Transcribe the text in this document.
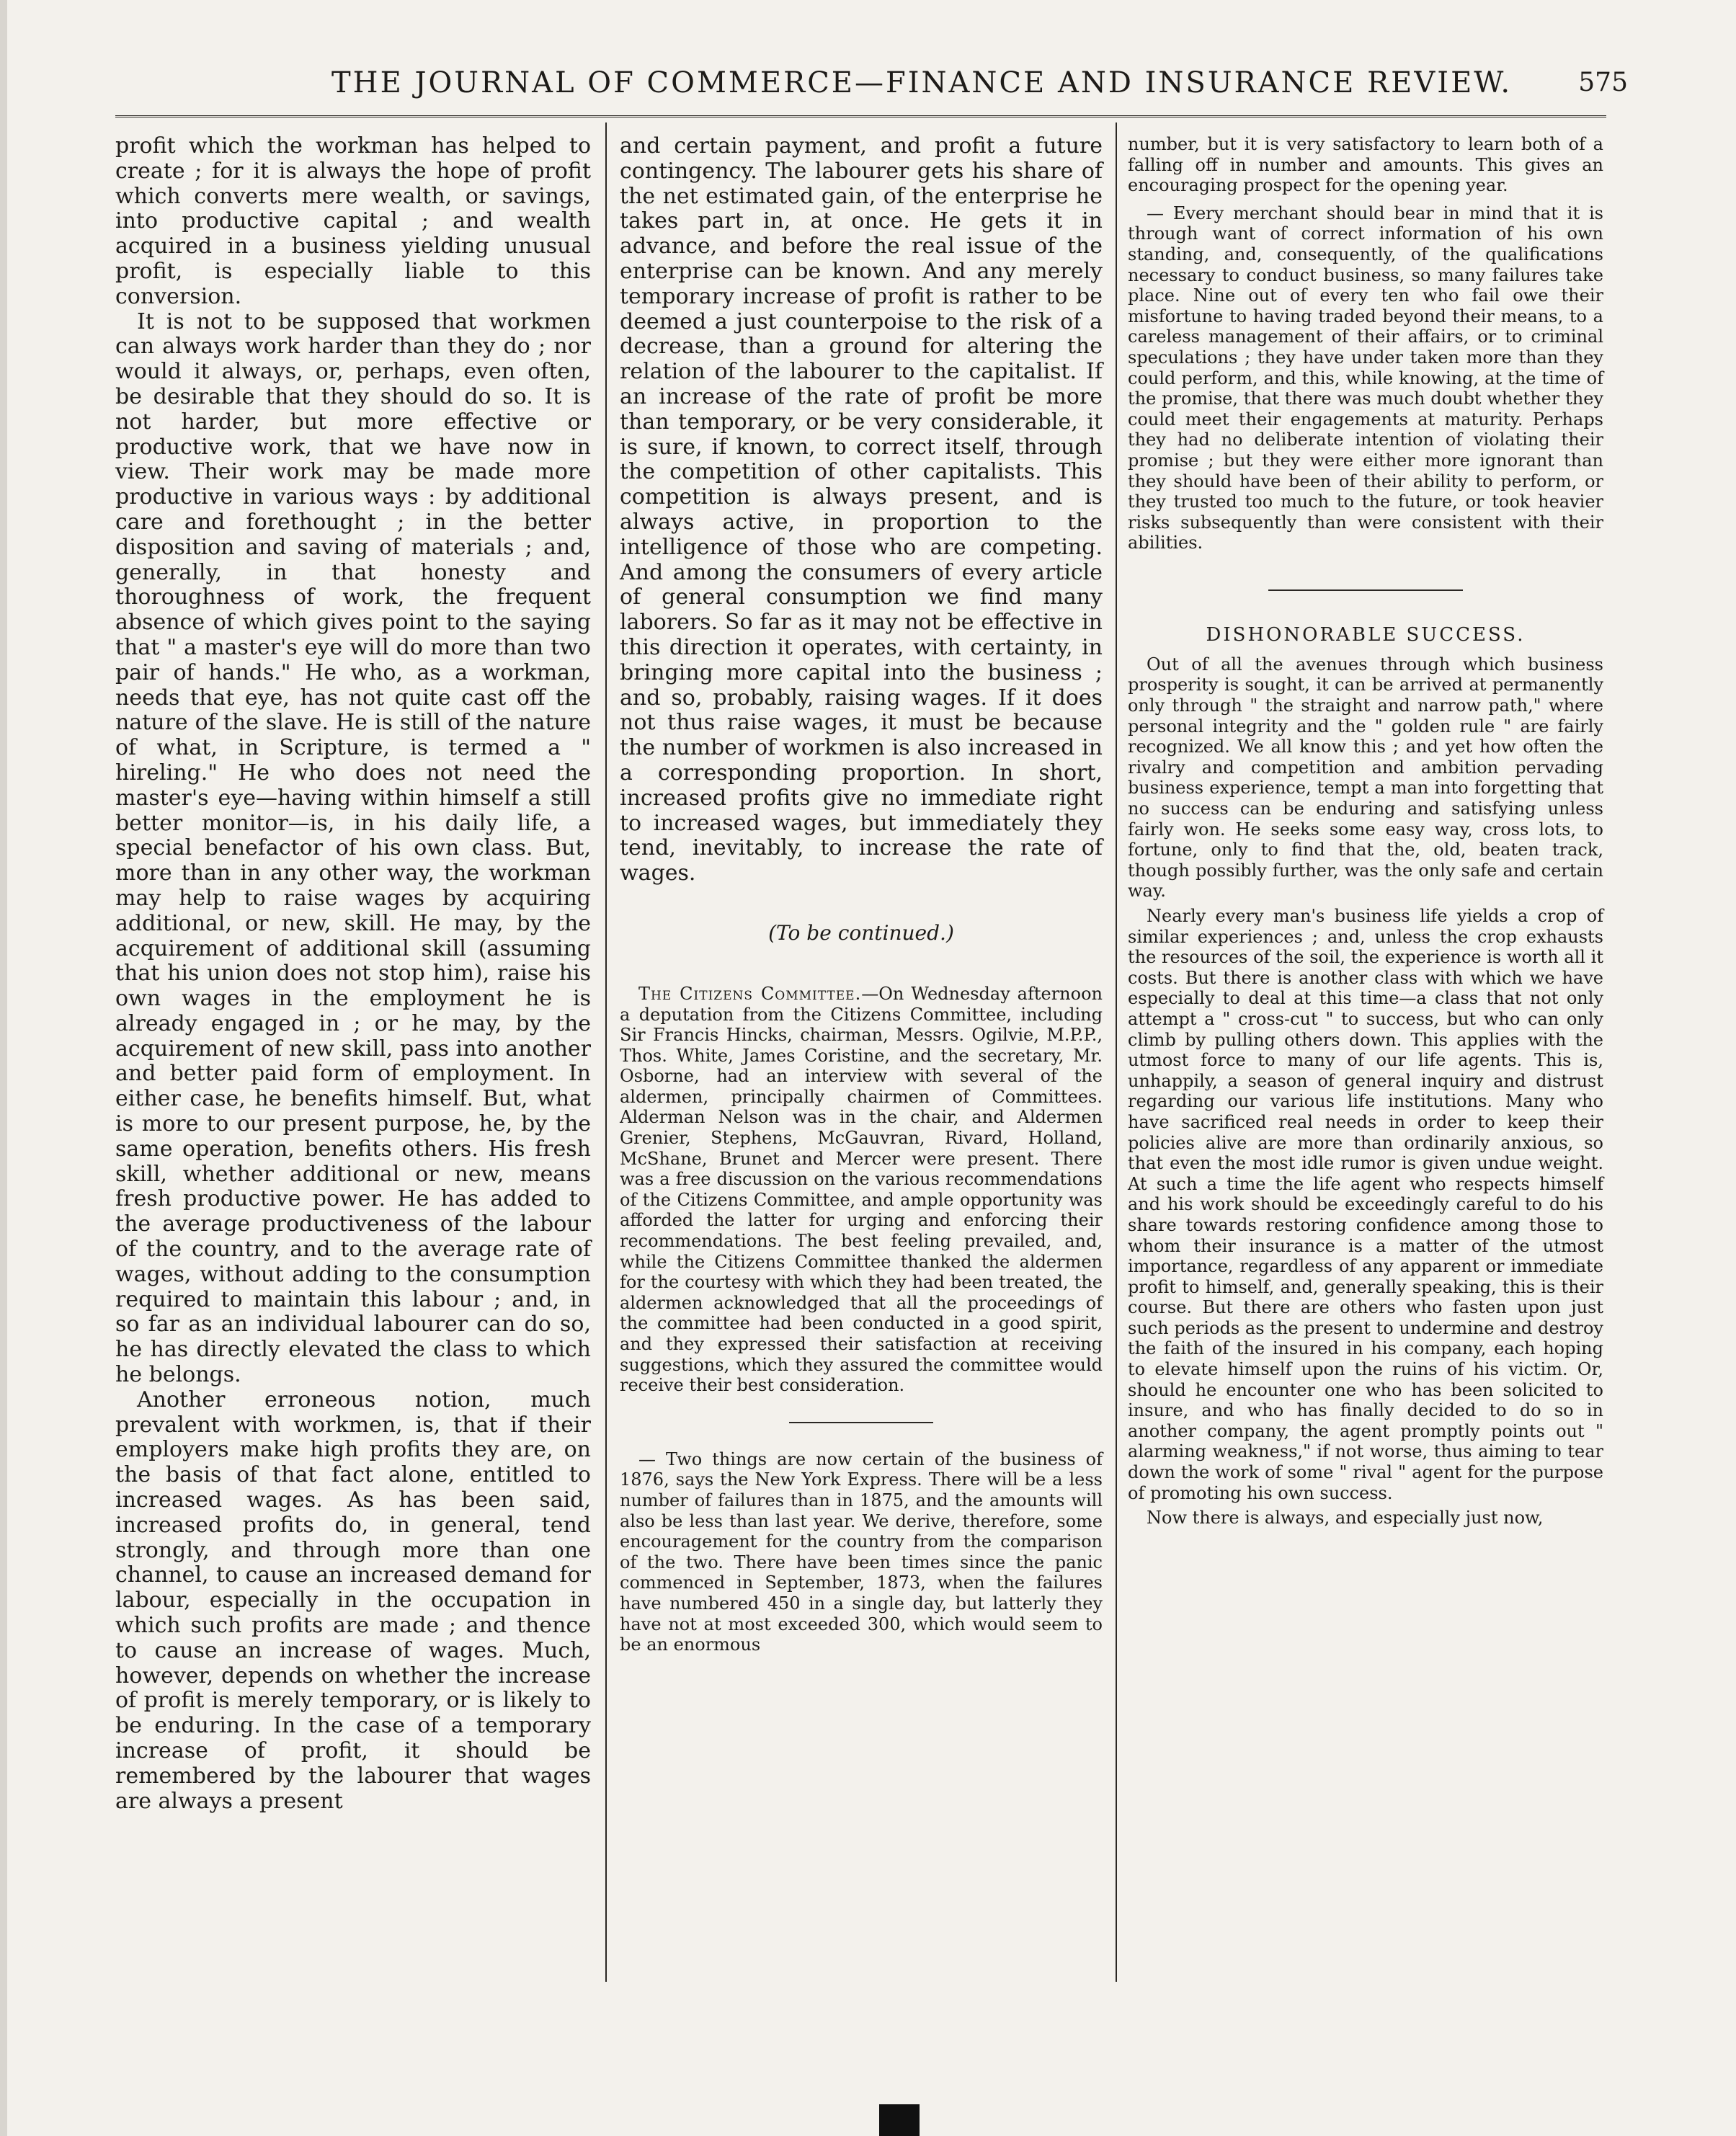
THE JOURNAL OF COMMERCE—FINANCE AND INSURANCE REVIEW.	575

profit which the workman has helped to create ; for it is always the hope of profit which converts mere wealth, or savings, into productive capital ; and wealth acquired in a business yielding unusual profit, is especially liable to this conversion.

It is not to be supposed that workmen can always work harder than they do ; nor would it always, or, perhaps, even often, be desirable that they should do so. It is not harder, but more effective or productive work, that we have now in view. Their work may be made more productive in various ways : by additional care and forethought ; in the better disposition and saving of materials ; and, generally, in that honesty and thoroughness of work, the frequent absence of which gives point to the saying that " a master's eye will do more than two pair of hands." He who, as a workman, needs that eye, has not quite cast off the nature of the slave. He is still of the nature of what, in Scripture, is termed a " hireling." He who does not need the master's eye—having within himself a still better monitor—is, in his daily life, a special benefactor of his own class. But, more than in any other way, the workman may help to raise wages by acquiring additional, or new, skill. He may, by the acquirement of additional skill (assuming that his union does not stop him), raise his own wages in the employment he is already engaged in ; or he may, by the acquirement of new skill, pass into another and better paid form of employment. In either case, he benefits himself. But, what is more to our present purpose, he, by the same operation, benefits others. His fresh skill, whether additional or new, means fresh productive power. He has added to the average productiveness of the labour of the country, and to the average rate of wages, without adding to the consumption required to maintain this labour ; and, in so far as an individual labourer can do so, he has directly elevated the class to which he belongs.

Another erroneous notion, much prevalent with workmen, is, that if their employers make high profits they are, on the basis of that fact alone, entitled to increased wages. As has been said, increased profits do, in general, tend strongly, and through more than one channel, to cause an increased demand for labour, especially in the occupation in which such profits are made ; and thence to cause an increase of wages. Much, however, depends on whether the increase of profit is merely temporary, or is likely to be enduring. In the case of a temporary increase of profit, it should be remembered by the labourer that wages are always a present

and certain payment, and profit a future contingency. The labourer gets his share of the net estimated gain, of the enterprise he takes part in, at once. He gets it in advance, and before the real issue of the enterprise can be known. And any merely temporary increase of profit is rather to be deemed a just counterpoise to the risk of a decrease, than a ground for altering the relation of the labourer to the capitalist. If an increase of the rate of profit be more than temporary, or be very considerable, it is sure, if known, to correct itself, through the competition of other capitalists. This competition is always present, and is always active, in proportion to the intelligence of those who are competing. And among the consumers of every article of general consumption we find many laborers. So far as it may not be effective in this direction it operates, with certainty, in bringing more capital into the business ; and so, probably, raising wages. If it does not thus raise wages, it must be because the number of workmen is also increased in a corresponding proportion. In short, increased profits give no immediate right to increased wages, but immediately they tend, inevitably, to increase the rate of wages.

(To be continued.)

The Citizens Committee.—On Wednesday afternoon a deputation from the Citizens Committee, including Sir Francis Hincks, chairman, Messrs. Ogilvie, M.P.P., Thos. White, James Coristine, and the secretary, Mr. Osborne, had an interview with several of the aldermen, principally chairmen of Committees. Alderman Nelson was in the chair, and Aldermen Grenier, Stephens, McGauvran, Rivard, Holland, McShane, Brunet and Mercer were present. There was a free discussion on the various recommendations of the Citizens Committee, and ample opportunity was afforded the latter for urging and enforcing their recommendations. The best feeling prevailed, and, while the Citizens Committee thanked the aldermen for the courtesy with which they had been treated, the aldermen acknowledged that all the proceedings of the committee had been conducted in a good spirit, and they expressed their satisfaction at receiving suggestions, which they assured the committee would receive their best consideration.

— Two things are now certain of the business of 1876, says the New York Express. There will be a less number of failures than in 1875, and the amounts will also be less than last year. We derive, therefore, some encouragement for the country from the comparison of the two. There have been times since the panic commenced in September, 1873, when the failures have numbered 450 in a single day, but latterly they have not at most exceeded 300, which would seem to be an enormous

number, but it is very satisfactory to learn both of a falling off in number and amounts. This gives an encouraging prospect for the opening year.

— Every merchant should bear in mind that it is through want of correct information of his own standing, and, consequently, of the qualifications necessary to conduct business, so many failures take place. Nine out of every ten who fail owe their misfortune to having traded beyond their means, to a careless management of their affairs, or to criminal speculations ; they have under taken more than they could perform, and this, while knowing, at the time of the promise, that there was much doubt whether they could meet their engagements at maturity. Perhaps they had no deliberate intention of violating their promise ; but they were either more ignorant than they should have been of their ability to perform, or they trusted too much to the future, or took heavier risks subsequently than were consistent with their abilities.

DISHONORABLE SUCCESS.

Out of all the avenues through which business prosperity is sought, it can be arrived at permanently only through " the straight and narrow path," where personal integrity and the " golden rule " are fairly recognized. We all know this ; and yet how often the rivalry and competition and ambition pervading business experience, tempt a man into forgetting that no success can be enduring and satisfying unless fairly won. He seeks some easy way, cross lots, to fortune, only to find that the, old, beaten track, though possibly further, was the only safe and certain way.

Nearly every man's business life yields a crop of similar experiences ; and, unless the crop exhausts the resources of the soil, the experience is worth all it costs. But there is another class with which we have especially to deal at this time—a class that not only attempt a " cross-cut " to success, but who can only climb by pulling others down. This applies with the utmost force to many of our life agents. This is, unhappily, a season of general inquiry and distrust regarding our various life institutions. Many who have sacrificed real needs in order to keep their policies alive are more than ordinarily anxious, so that even the most idle rumor is given undue weight. At such a time the life agent who respects himself and his work should be exceedingly careful to do his share towards restoring confidence among those to whom their insurance is a matter of the utmost importance, regardless of any apparent or immediate profit to himself, and, generally speaking, this is their course. But there are others who fasten upon just such periods as the present to undermine and destroy the faith of the insured in his company, each hoping to elevate himself upon the ruins of his victim. Or, should he encounter one who has been solicited to insure, and who has finally decided to do so in another company, the agent promptly points out " alarming weakness," if not worse, thus aiming to tear down the work of some " rival " agent for the purpose of promoting his own success.

Now there is always, and especially just now,
